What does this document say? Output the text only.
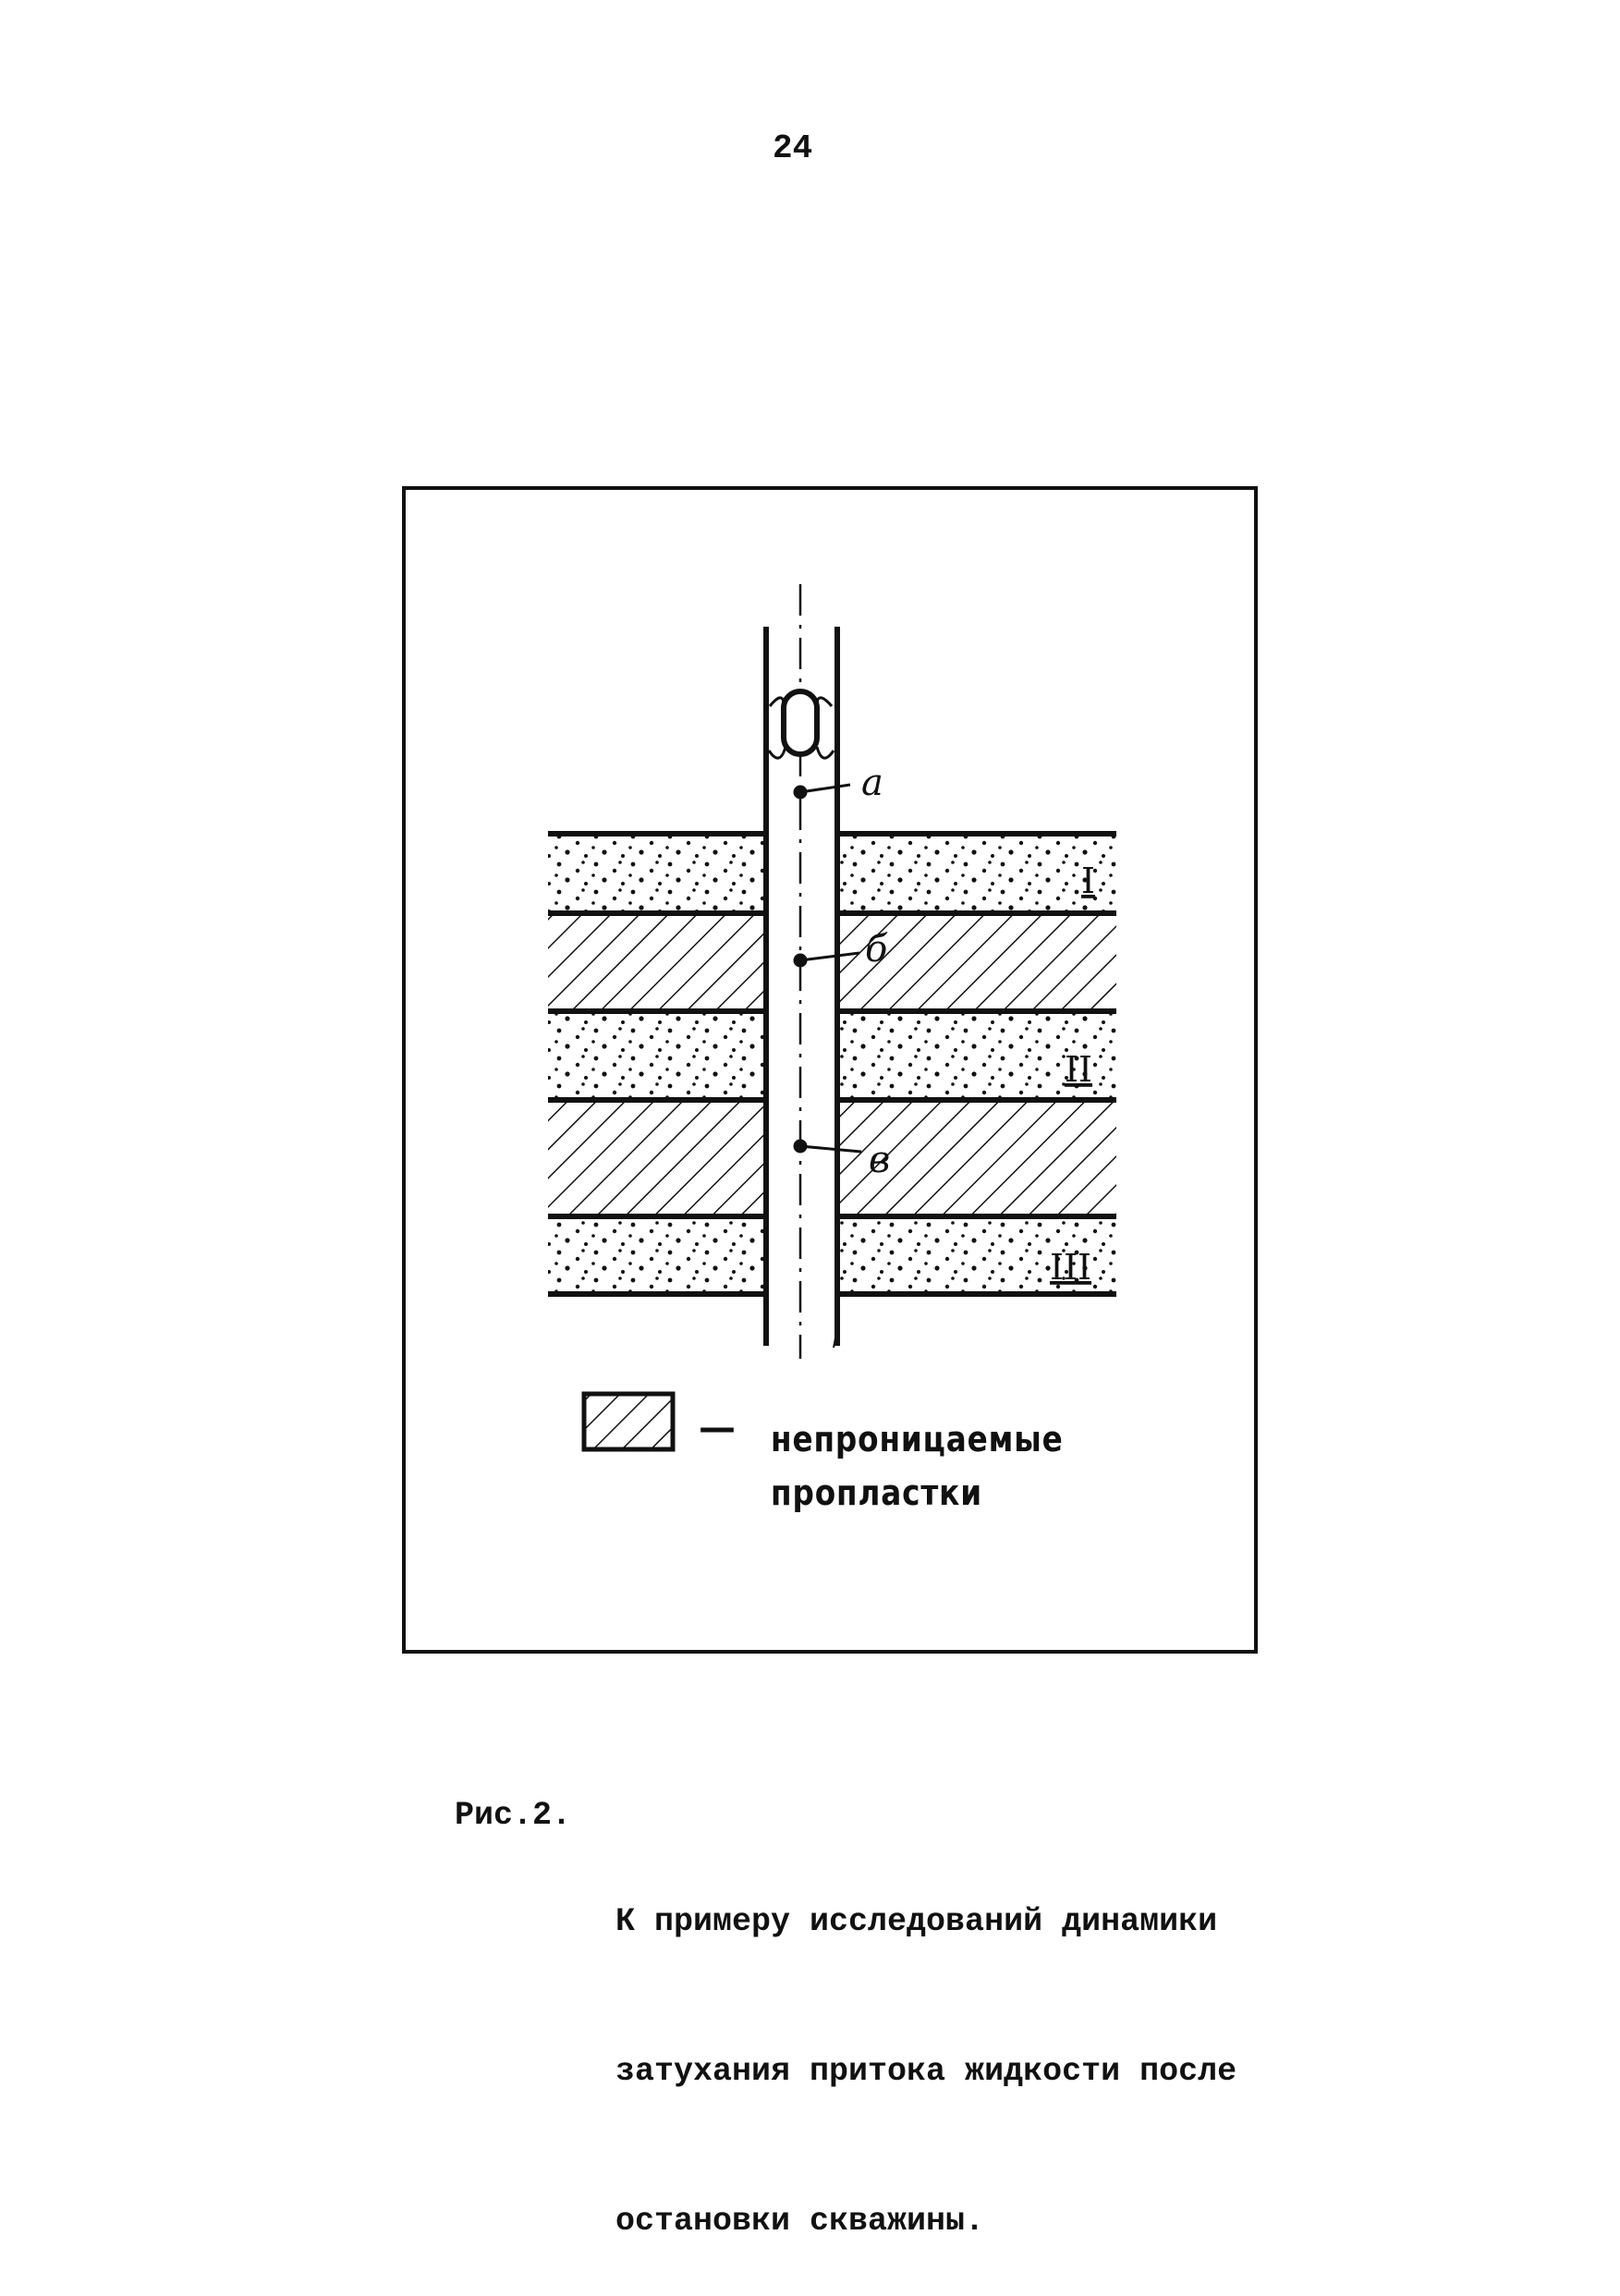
24
а
б
в
I
II
III
— непроницаемые
пропластки
Рис.2.

К примеру исследований динамики

затухания притока жидкости после

остановки скважины.
